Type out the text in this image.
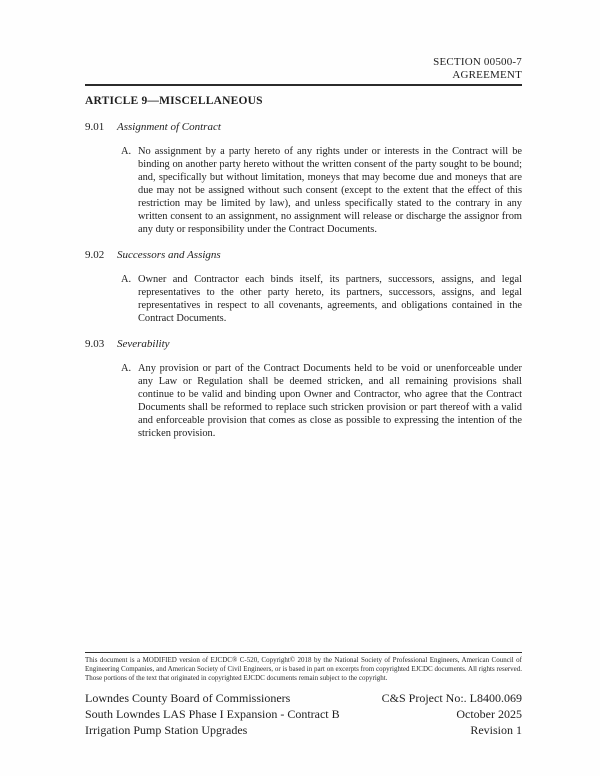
SECTION 00500-7
AGREEMENT
ARTICLE 9—MISCELLANEOUS
9.01	Assignment of Contract
A. No assignment by a party hereto of any rights under or interests in the Contract will be binding on another party hereto without the written consent of the party sought to be bound; and, specifically but without limitation, moneys that may become due and moneys that are due may not be assigned without such consent (except to the extent that the effect of this restriction may be limited by law), and unless specifically stated to the contrary in any written consent to an assignment, no assignment will release or discharge the assignor from any duty or responsibility under the Contract Documents.
9.02	Successors and Assigns
A. Owner and Contractor each binds itself, its partners, successors, assigns, and legal representatives to the other party hereto, its partners, successors, assigns, and legal representatives in respect to all covenants, agreements, and obligations contained in the Contract Documents.
9.03	Severability
A. Any provision or part of the Contract Documents held to be void or unenforceable under any Law or Regulation shall be deemed stricken, and all remaining provisions shall continue to be valid and binding upon Owner and Contractor, who agree that the Contract Documents shall be reformed to replace such stricken provision or part thereof with a valid and enforceable provision that comes as close as possible to expressing the intention of the stricken provision.
This document is a MODIFIED version of EJCDC® C-520, Copyright© 2018 by the National Society of Professional Engineers, American Council of Engineering Companies, and American Society of Civil Engineers, or is based in part on excerpts from copyrighted EJCDC documents. All rights reserved. Those portions of the text that originated in copyrighted EJCDC documents remain subject to the copyright.
Lowndes County Board of Commissioners
South Lowndes LAS Phase I Expansion - Contract B
Irrigation Pump Station Upgrades
C&S Project No:. L8400.069
October 2025
Revision 1
